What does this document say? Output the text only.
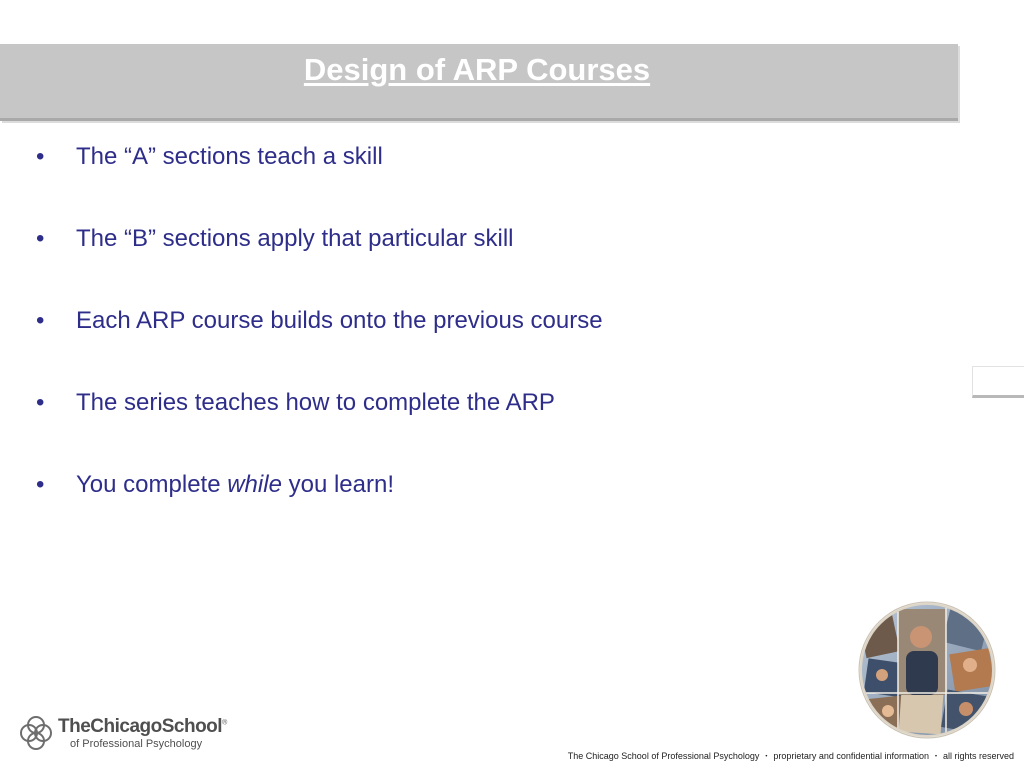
Design of ARP Courses
• The “A” sections teach a skill
• The “B” sections apply that particular skill
• Each ARP course builds onto the previous course
• The series teaches how to complete the ARP
• You complete while you learn!
TheChicagoSchool®
of Professional Psychology
The Chicago School of Professional Psychology ・ proprietary and confidential information ・ all rights reserved
